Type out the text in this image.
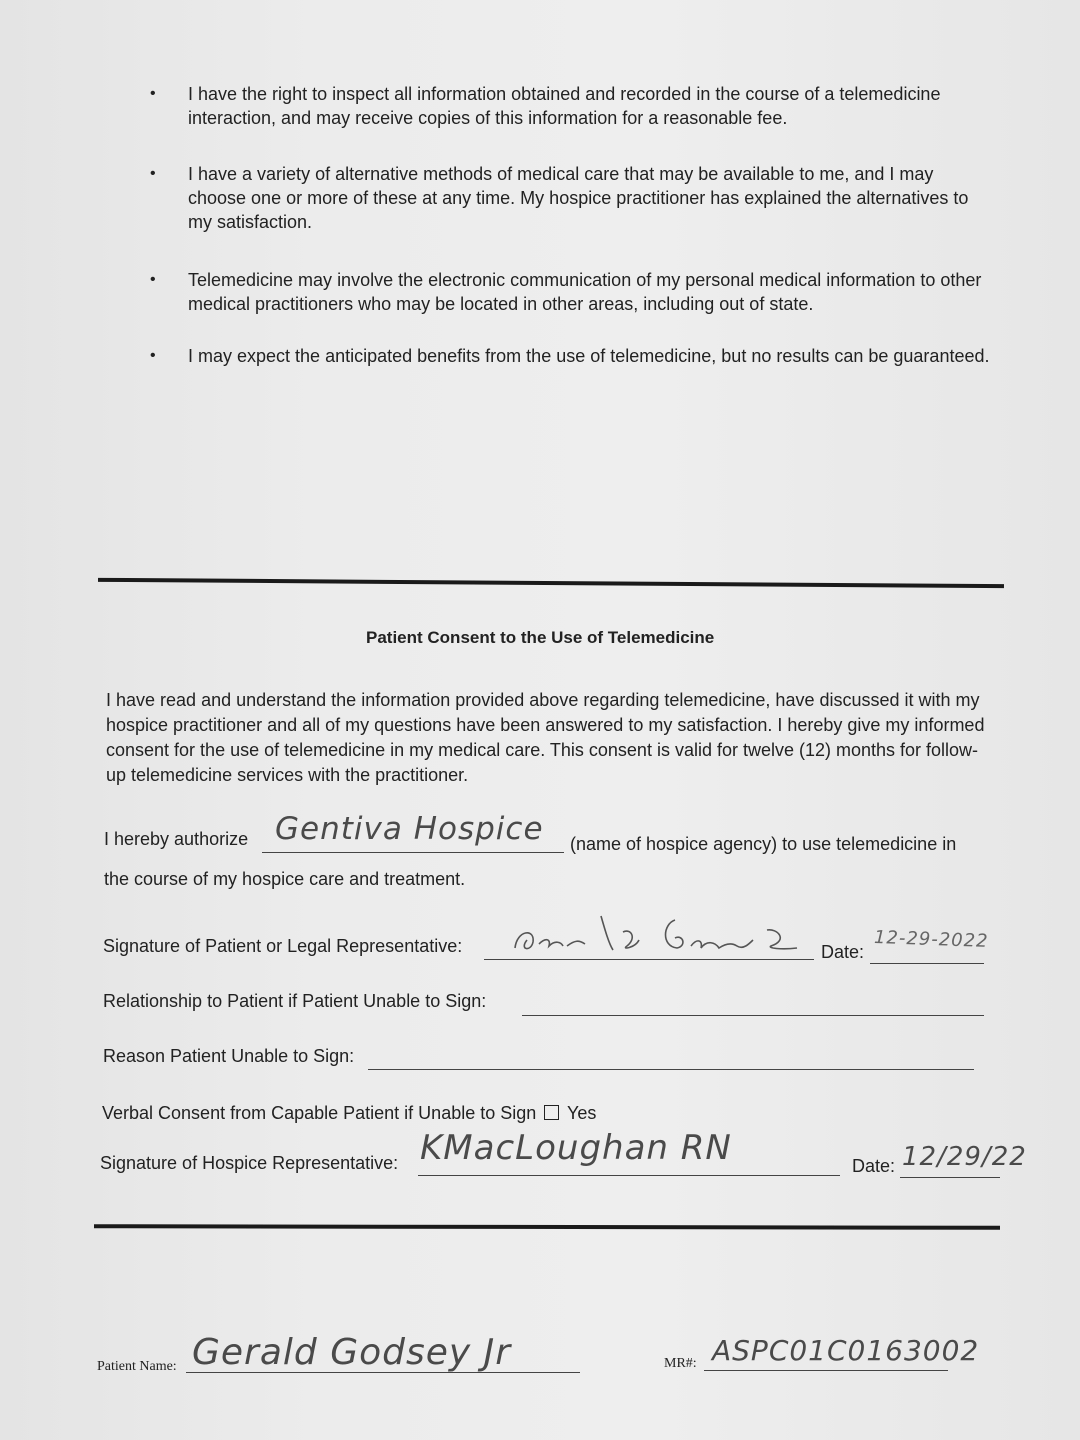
• I have the right to inspect all information obtained and recorded in the course of a telemedicine interaction, and may receive copies of this information for a reasonable fee.
• I have a variety of alternative methods of medical care that may be available to me, and I may choose one or more of these at any time. My hospice practitioner has explained the alternatives to my satisfaction.
• Telemedicine may involve the electronic communication of my personal medical information to other medical practitioners who may be located in other areas, including out of state.
• I may expect the anticipated benefits from the use of telemedicine, but no results can be guaranteed.
Patient Consent to the Use of Telemedicine
I have read and understand the information provided above regarding telemedicine, have discussed it with my hospice practitioner and all of my questions have been answered to my satisfaction. I hereby give my informed consent for the use of telemedicine in my medical care. This consent is valid for twelve (12) months for follow-up telemedicine services with the practitioner.
I hereby authorize Gentiva Hospice (name of hospice agency) to use telemedicine in
the course of my hospice care and treatment.
Signature of Patient or Legal Representative:	Date:
12-29-2022
Relationship to Patient if Patient Unable to Sign:
Reason Patient Unable to Sign:
Verbal Consent from Capable Patient if Unable to Sign Yes
Signature of Hospice Representative: KMacLoughan RN	Date: 12/29/22
Patient Name: Gerald Godsey Jr	MR#: ASPC01C0163002
